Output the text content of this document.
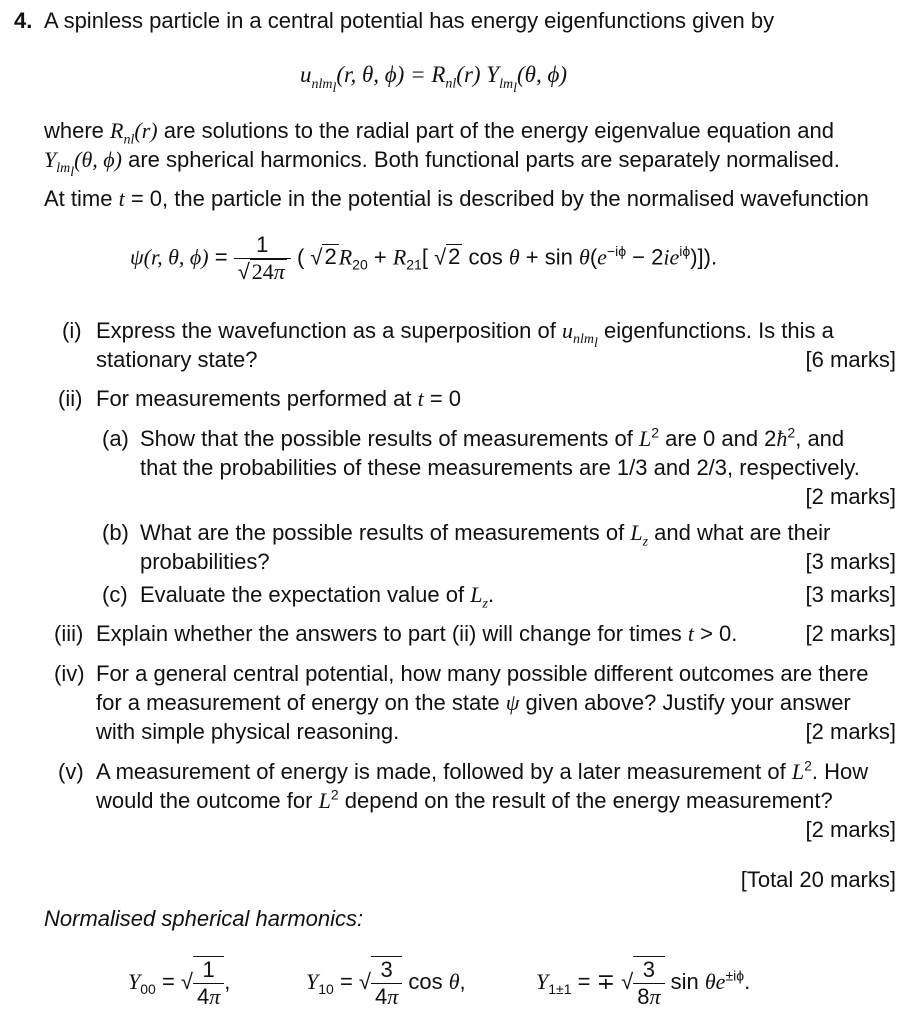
4. A spinless particle in a central potential has energy eigenfunctions given by
$u_{nlm_l}(r$, θ, $\phi) = R_{nl}(r)$ $Y_{lm_l}(\theta$, ϕ)
where $R_{nl}(r)$ are solutions to the radial part of the energy eigenvalue equation and
$Y_{lm_l}(\theta$, ϕ) are spherical harmonics. Both functional parts are separately normalised.
At time t = 0, the particle in the potential is described by the normalised wavefunction
ψ(r, θ, $\phi) = \frac{1}{√24\pi}$ ( $√2R_{20} + R_{21}$[ √2 $\cos \theta + \sin \theta(e^{-i\phi} - 2ie^{i\phi})$]).
(i) Express the wavefunction as a superposition of $u_{nlm_l}$ eigenfunctions. Is this a
stationary state?	[6 marks]
(ii) For measurements performed at t = 0
(a) Show that the possible results of measurements of $L^2$ are 0 and $2ħ^2$, and
that the probabilities of these measurements are 1/3 and 2/3, respectively.
[2 marks]
(b) What are the possible results of measurements of $L_z$ and what are their
probabilities?	[3 marks]
(c) Evaluate the expectation value of $L_z$.	[3 marks]
(iii) Explain whether the answers to part (ii) will change for times t > 0.	[2 marks]
(iv) For a general central potential, how many possible different outcomes are there
for a measurement of energy on the state ψ given above? Justify your answer
with simple physical reasoning.	[2 marks]
(v) A measurement of energy is made, followed by a later measurement of $L^2$. How
would the outcome for $L^2$ depend on the result of the energy measurement?
[2 marks]
[Total 20 marks]
Normalised spherical harmonics:
$Y_{00}$ = √ $\frac{1}{4\pi}$ ,	$Y_{10}$ = √ $\frac{3}{4\pi}$ cos θ,	$Y_{1\pm 1}$ = ∓ √ $\frac{3}{8\pi}$ $\sin \theta e^{\pm i\phi}$.
